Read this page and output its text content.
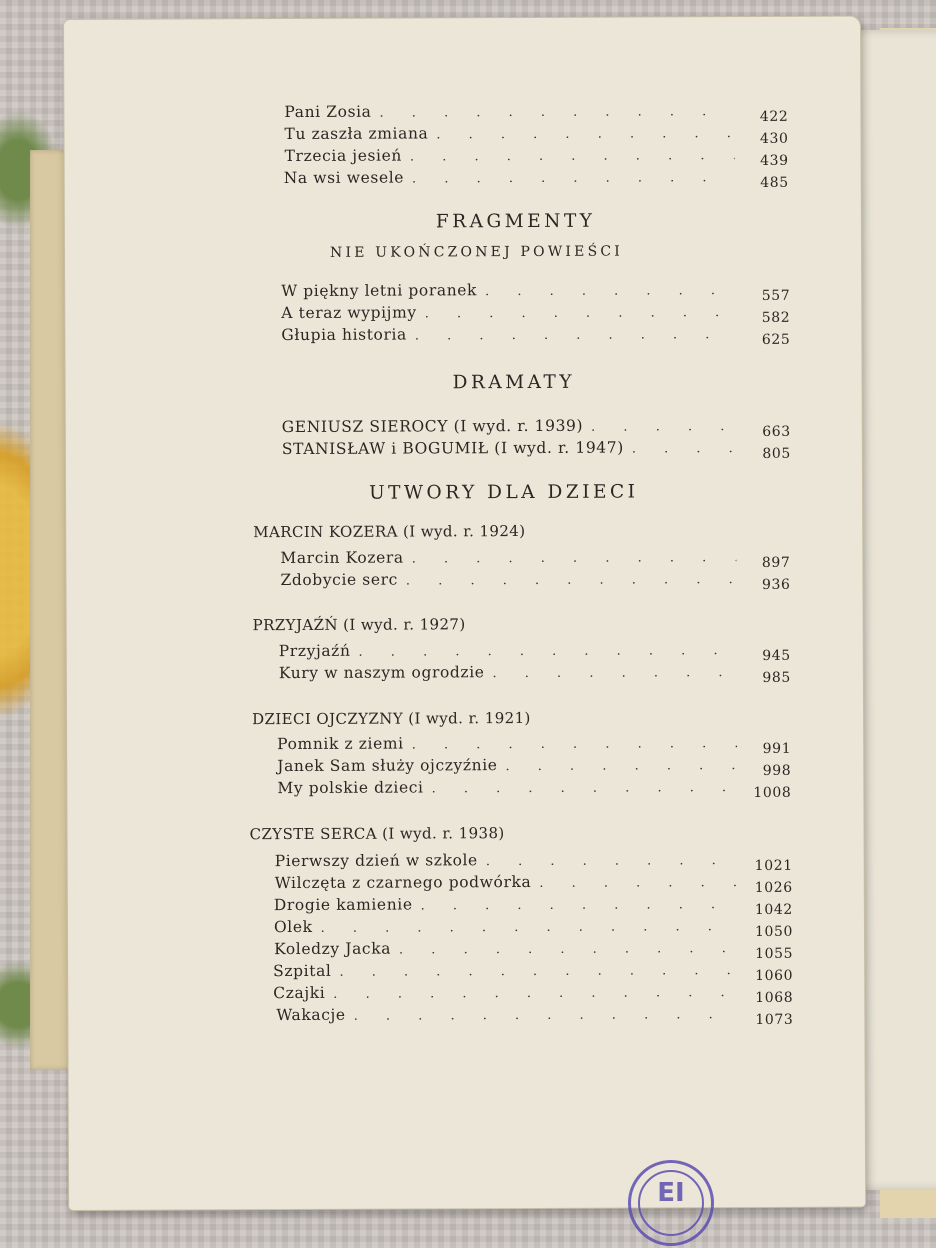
Pani Zosia . . .	422
Tu zaszła zmiana . . .	430
Trzecia jesień . . .	439
Na wsi wesele . . .	485
FRAGMENTY
NIE UKOŃCZONEJ POWIEŚCI
W piękny letni poranek . . .	557
A teraz wypijmy . . .	582
Głupia historia . . .	625
DRAMATY
GENIUSZ SIEROCY (I wyd. r. 1939) . . .	663
STANISŁAW i BOGUMIŁ (I wyd. r. 1947) . . .	805
UTWORY DLA DZIECI
MARCIN KOZERA (I wyd. r. 1924)
Marcin Kozera . . .	897
Zdobycie serc . . .	936
PRZYJAŹŃ (I wyd. r. 1927)
Przyjaźń . . .	945
Kury w naszym ogrodzie . . .	985
DZIECI OJCZYZNY (I wyd. r. 1921)
Pomnik z ziemi . . .	991
Janek Sam służy ojczyźnie . . .	998
My polskie dzieci . . .	1008
CZYSTE SERCA (I wyd. r. 1938)
Pierwszy dzień w szkole . . .	1021
Wilczęta z czarnego podwórka . . .	1026
Drogie kamienie . . .	1042
Olek . . .	1050
Koledzy Jacka . . .	1055
Szpital . . .	1060
Czajki . . .	1068
Wakacje . . .	1073
EI
